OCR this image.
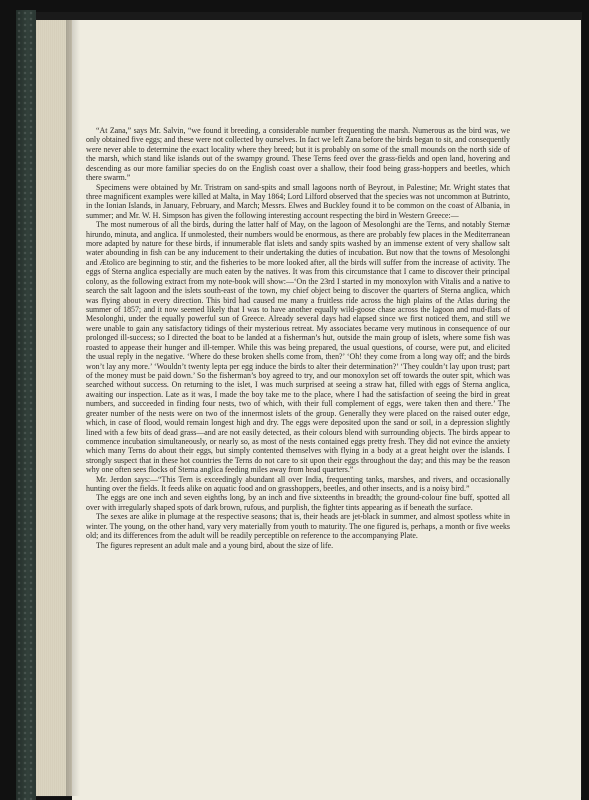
“At Zana,” says Mr. Salvin, “we found it breeding, a considerable number frequenting the marsh. Numerous as the bird was, we only obtained five eggs; and these were not collected by ourselves. In fact we left Zana before the birds began to sit, and consequently were never able to determine the exact locality where they breed; but it is probably on some of the small mounds on the north side of the marsh, which stand like islands out of the swampy ground. These Terns feed over the grass-fields and open land, hovering and descending as our more familiar species do on the English coast over a shallow, their food being grass-hoppers and beetles, which there swarm.”

Specimens were obtained by Mr. Tristram on sand-spits and small lagoons north of Beyrout, in Palestine; Mr. Wright states that three magnificent examples were killed at Malta, in May 1864; Lord Lilford observed that the species was not uncommon at Butrinto, in the Ionian Islands, in January, February, and March; Messrs. Elwes and Buckley found it to be common on the coast of Albania, in summer; and Mr. W. H. Simpson has given the following interesting account respecting the bird in Western Greece:—

The most numerous of all the birds, during the latter half of May, on the lagoon of Mesolonghi are the Terns, and notably Sternæ hirundo, minuta, and anglica. If unmolested, their numbers would be enormous, as there are probably few places in the Mediterranean more adapted by nature for these birds, if innumerable flat islets and sandy spits washed by an immense extent of very shallow salt water abounding in fish can be any inducement to their undertaking the duties of incubation. But now that the towns of Mesolonghi and Ætolico are beginning to stir, and the fisheries to be more looked after, all the birds will suffer from the increase of activity. The eggs of Sterna anglica especially are much eaten by the natives. It was from this circumstance that I came to discover their principal colony, as the following extract from my note-book will show:—‘On the 23rd I started in my monoxylon with Vitalis and a native to search the salt lagoon and the islets south-east of the town, my chief object being to discover the quarters of Sterna anglica, which was flying about in every direction. This bird had caused me many a fruitless ride across the high plains of the Atlas during the summer of 1857; and it now seemed likely that I was to have another equally wild-goose chase across the lagoon and mud-flats of Mesolonghi, under the equally powerful sun of Greece. Already several days had elapsed since we first noticed them, and still we were unable to gain any satisfactory tidings of their mysterious retreat. My associates became very mutinous in consequence of our prolonged ill-success; so I directed the boat to be landed at a fisherman’s hut, outside the main group of islets, where some fish was roasted to appease their hunger and ill-temper. While this was being prepared, the usual questions, of course, were put, and elicited the usual reply in the negative. ‘Where do these broken shells come from, then?’ ‘Oh! they come from a long way off; and the birds won’t lay any more.’ ‘Wouldn’t twenty lepta per egg induce the birds to alter their determination?’ ‘They couldn’t lay upon trust; part of the money must be paid down.’ So the fisherman’s boy agreed to try, and our monoxylon set off towards the outer spit, which was searched without success. On returning to the islet, I was much surprised at seeing a straw hat, filled with eggs of Sterna anglica, awaiting our inspection. Late as it was, I made the boy take me to the place, where I had the satisfaction of seeing the bird in great numbers, and succeeded in finding four nests, two of which, with their full complement of eggs, were taken then and there.’ The greater number of the nests were on two of the innermost islets of the group. Generally they were placed on the raised outer edge, which, in case of flood, would remain longest high and dry. The eggs were deposited upon the sand or soil, in a depression slightly lined with a few bits of dead grass—and are not easily detected, as their colours blend with surrounding objects. The birds appear to commence incubation simultaneously, or nearly so, as most of the nests contained eggs pretty fresh. They did not evince the anxiety which many Terns do about their eggs, but simply contented themselves with flying in a body at a great height over the islands. I strongly suspect that in these hot countries the Terns do not care to sit upon their eggs throughout the day; and this may be the reason why one often sees flocks of Sterna anglica feeding miles away from head quarters.”

Mr. Jerdon says:—“This Tern is exceedingly abundant all over India, frequenting tanks, marshes, and rivers, and occasionally hunting over the fields. It feeds alike on aquatic food and on grasshoppers, beetles, and other insects, and is a noisy bird.”

The eggs are one inch and seven eighths long, by an inch and five sixteenths in breadth; the ground-colour fine buff, spotted all over with irregularly shaped spots of dark brown, rufous, and purplish, the fighter tints appearing as if beneath the surface.

The sexes are alike in plumage at the respective seasons; that is, their heads are jet-black in summer, and almost spotless white in winter. The young, on the other hand, vary very materially from youth to maturity. The one figured is, perhaps, a month or five weeks old; and its differences from the adult will be readily perceptible on reference to the accompanying Plate.

The figures represent an adult male and a young bird, about the size of life.
